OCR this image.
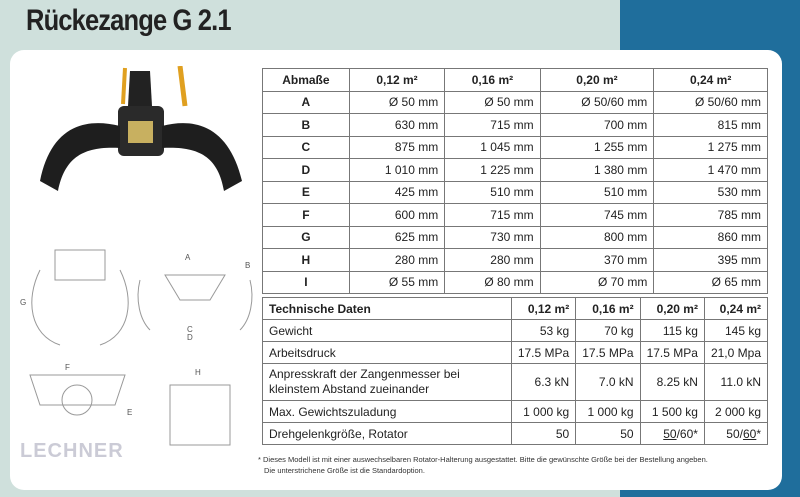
Rückezange G 2.1
G
A
B
C
D
F
E
H
LECHNER
Abmaße	0,12 m²	0,16 m²	0,20 m²	0,24 m²
A	Ø 50 mm	Ø 50 mm	Ø 50/60 mm	Ø 50/60 mm
B	630 mm	715 mm	700 mm	815 mm
C	875 mm	1 045 mm	1 255 mm	1 275 mm
D	1 010 mm	1 225 mm	1 380 mm	1 470 mm
E	425 mm	510 mm	510 mm	530 mm
F	600 mm	715 mm	745 mm	785 mm
G	625 mm	730 mm	800 mm	860 mm
H	280 mm	280 mm	370 mm	395 mm
I	Ø 55 mm	Ø 80 mm	Ø 70 mm	Ø 65 mm
Technische Daten	0,12 m²	0,16 m²	0,20 m²	0,24 m²
Gewicht	53 kg	70 kg	115 kg	145 kg
Arbeitsdruck	17.5 MPa	17.5 MPa	17.5 MPa	21,0 Mpa
Anpresskraft der Zangenmesser bei kleinstem Abstand zueinander	6.3 kN	7.0 kN	8.25 kN	11.0 kN
Max. Gewichtszuladung	1 000 kg	1 000 kg	1 500 kg	2 000 kg
Drehgelenkgröße, Rotator	50	50	50/60*	50/60*
* Dieses Modell ist mit einer auswechselbaren Rotator-Halterung ausgestattet. Bitte die gewünschte Größe bei der Bestellung angeben.
Die unterstrichene Größe ist die Standardoption.
